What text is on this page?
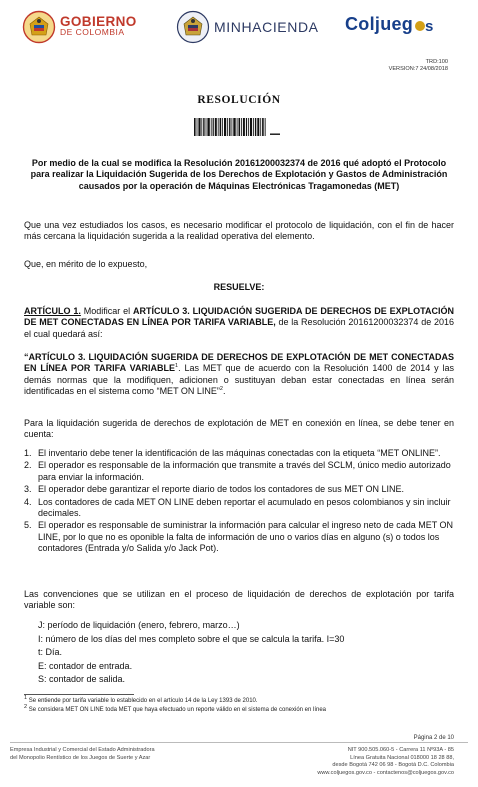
GOBIERNO
DE COLOMBIA	MINHACIENDA Coljueg s
TRD:100
VERSION:7 24/08/2018
RESOLUCIÓN
Por medio de la cual se modifica la Resolución 20161200032374 de 2016 qué adoptó el Protocolo para realizar la Liquidación Sugerida de los Derechos de Explotación y Gastos de Administración causados por la operación de Máquinas Electrónicas Tragamonedas (MET)
Que una vez estudiados los casos, es necesario modificar el protocolo de liquidación, con el fin de hacer más cercana la liquidación sugerida a la realidad operativa del elemento.
Que, en mérito de lo expuesto,
RESUELVE:
ARTÍCULO 1. Modificar el ARTÍCULO 3. LIQUIDACIÓN SUGERIDA DE DERECHOS DE EXPLOTACIÓN DE MET CONECTADAS EN LÍNEA POR TARIFA VARIABLE, de la Resolución 20161200032374 de 2016 el cual quedará así:
“ARTÍCULO 3. LIQUIDACIÓN SUGERIDA DE DERECHOS DE EXPLOTACIÓN DE MET CONECTADAS EN LÍNEA POR TARIFA VARIABLE$^1$. Las MET que de acuerdo con la Resolución 1400 de 2014 y las demás normas que la modifiquen, adicionen o sustituyan deban estar conectadas en línea serán identificadas en el sistema como “MET ON LINE”$^2$.
Para la liquidación sugerida de derechos de explotación de MET en conexión en línea, se debe tener en cuenta:
1. El inventario debe tener la identificación de las máquinas conectadas con la etiqueta “MET ONLINE”.
2. El operador es responsable de la información que transmite a través del SCLM, único medio autorizado para enviar la información.
3. El operador debe garantizar el reporte diario de todos los contadores de sus MET ON LINE.
4. Los contadores de cada MET ON LINE deben reportar el acumulado en pesos colombianos y sin incluir decimales.
5. El operador es responsable de suministrar la información para calcular el ingreso neto de cada MET ON LINE, por lo que no es oponible la falta de información de uno o varios días en alguno (s) o todos los contadores (Entrada y/o Salida y/o Jack Pot).
Las convenciones que se utilizan en el proceso de liquidación de derechos de explotación por tarifa variable son:
J: período de liquidación (enero, febrero, marzo…)
I: número de los días del mes completo sobre el que se calcula la tarifa. I=30
t: Día.
E: contador de entrada.
S: contador de salida.
$^1$ Se entiende por tarifa variable lo establecido en el artículo 14 de la Ley 1393 de 2010.
$^2$ Se considera MET ON LINE toda MET que haya efectuado un reporte válido en el sistema de conexión en línea
Página 2 de 10
Empresa Industrial y Comercial del Estado Administradora
del Monopolio Rentístico de los Juegos de Suerte y Azar
NIT 900.505.060-5 - Carrera 11 Nº93A - 85
Línea Gratuita Nacional 018000 18 28 88,
desde Bogotá 742 06 98 - Bogotá D.C. Colombia
www.coljuegos.gov.co - contactenos@coljuegos.gov.co
